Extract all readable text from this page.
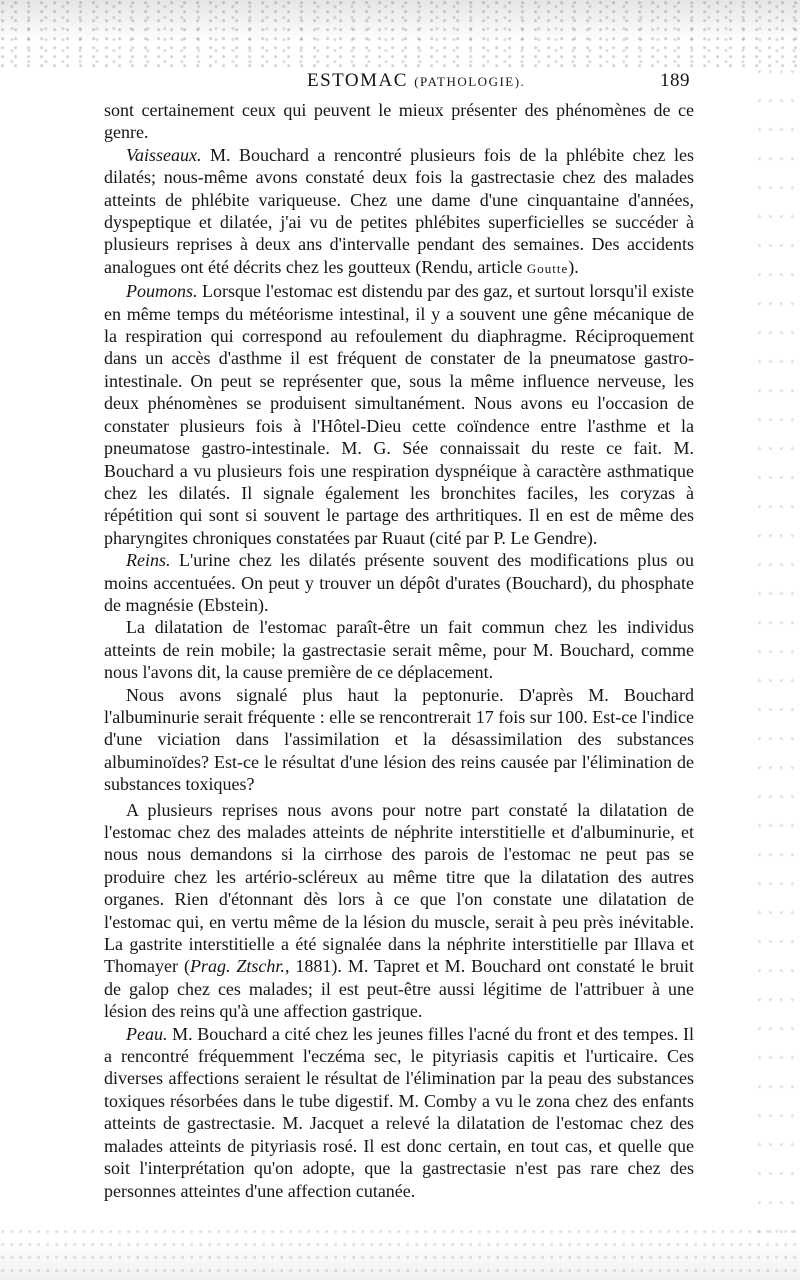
ESTOMAC (PATHOLOGIE).	189

sont certainement ceux qui peuvent le mieux présenter des phénomènes de ce genre.

Vaisseaux. M. Bouchard a rencontré plusieurs fois de la phlébite chez les dilatés; nous-même avons constaté deux fois la gastrectasie chez des malades atteints de phlébite variqueuse. Chez une dame d'une cinquantaine d'années, dyspeptique et dilatée, j'ai vu de petites phlébites superficielles se succéder à plusieurs reprises à deux ans d'intervalle pendant des semaines. Des accidents analogues ont été décrits chez les goutteux (Rendu, article Goutte).

Poumons. Lorsque l'estomac est distendu par des gaz, et surtout lorsqu'il existe en même temps du météorisme intestinal, il y a souvent une gêne mécanique de la respiration qui correspond au refoulement du diaphragme. Réciproquement dans un accès d'asthme il est fréquent de constater de la pneumatose gastro-intestinale. On peut se représenter que, sous la même influence nerveuse, les deux phénomènes se produisent simultanément. Nous avons eu l'occasion de constater plusieurs fois à l'Hôtel-Dieu cette coïndence entre l'asthme et la pneumatose gastro-intestinale. M. G. Sée connaissait du reste ce fait. M. Bouchard a vu plusieurs fois une respiration dyspnéique à caractère asthmatique chez les dilatés. Il signale également les bronchites faciles, les coryzas à répétition qui sont si souvent le partage des arthritiques. Il en est de même des pharyngites chroniques constatées par Ruaut (cité par P. Le Gendre).

Reins. L'urine chez les dilatés présente souvent des modifications plus ou moins accentuées. On peut y trouver un dépôt d'urates (Bouchard), du phosphate de magnésie (Ebstein).

La dilatation de l'estomac paraît-être un fait commun chez les individus atteints de rein mobile; la gastrectasie serait même, pour M. Bouchard, comme nous l'avons dit, la cause première de ce déplacement.

Nous avons signalé plus haut la peptonurie. D'après M. Bouchard l'albuminurie serait fréquente : elle se rencontrerait 17 fois sur 100. Est-ce l'indice d'une viciation dans l'assimilation et la désassimilation des substances albuminoïdes? Est-ce le résultat d'une lésion des reins causée par l'élimination de substances toxiques?

A plusieurs reprises nous avons pour notre part constaté la dilatation de l'estomac chez des malades atteints de néphrite interstitielle et d'albuminurie, et nous nous demandons si la cirrhose des parois de l'estomac ne peut pas se produire chez les artério-scléreux au même titre que la dilatation des autres organes. Rien d'étonnant dès lors à ce que l'on constate une dilatation de l'estomac qui, en vertu même de la lésion du muscle, serait à peu près inévitable. La gastrite interstitielle a été signalée dans la néphrite interstitielle par Illava et Thomayer (Prag. Ztschr., 1881). M. Tapret et M. Bouchard ont constaté le bruit de galop chez ces malades; il est peut-être aussi légitime de l'attribuer à une lésion des reins qu'à une affection gastrique.

Peau. M. Bouchard a cité chez les jeunes filles l'acné du front et des tempes. Il a rencontré fréquemment l'eczéma sec, le pityriasis capitis et l'urticaire. Ces diverses affections seraient le résultat de l'élimination par la peau des substances toxiques résorbées dans le tube digestif. M. Comby a vu le zona chez des enfants atteints de gastrectasie. M. Jacquet a relevé la dilatation de l'estomac chez des malades atteints de pityriasis rosé. Il est donc certain, en tout cas, et quelle que soit l'interprétation qu'on adopte, que la gastrectasie n'est pas rare chez des personnes atteintes d'une affection cutanée.
